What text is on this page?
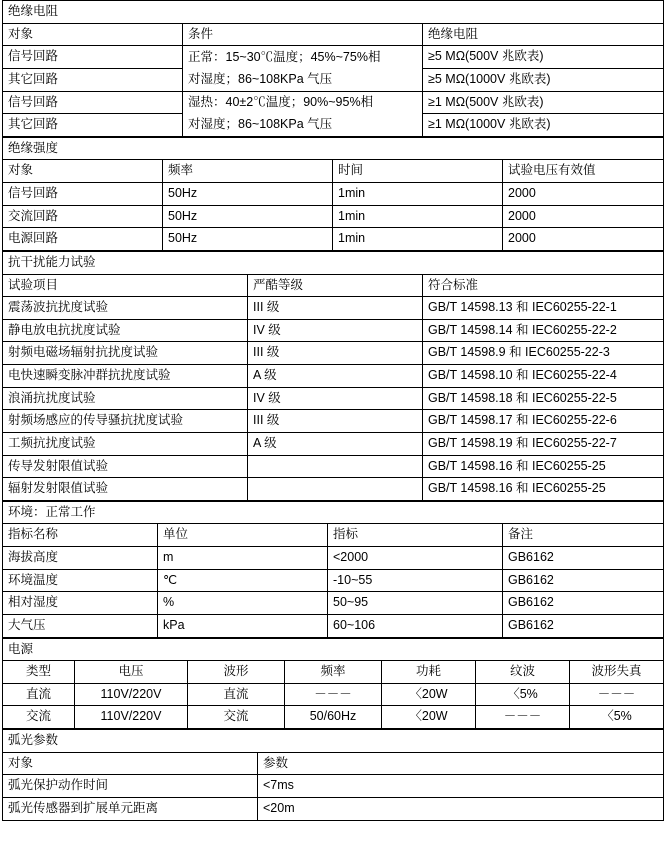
绝缘电阻		
对象	条件	绝缘电阻
信号回路	正常：15~30℃温度；45%~75%相	≥5 MΩ(500V 兆欧表)
其它回路	对湿度；86~108KPa 气压	≥5 MΩ(1000V 兆欧表)
信号回路	湿热：40±2℃温度；90%~95%相	≥1 MΩ(500V 兆欧表)
其它回路	对湿度；86~108KPa 气压	≥1 MΩ(1000V 兆欧表)
绝缘强度			
对象	频率	时间	试验电压有效值
信号回路	50Hz	1min	2000
交流回路	50Hz	1min	2000
电源回路	50Hz	1min	2000
抗干扰能力试验		
试验项目	严酷等级	符合标准
震荡波抗扰度试验	III 级	GB/T 14598.13 和 IEC60255-22-1
静电放电抗扰度试验	IV 级	GB/T 14598.14 和 IEC60255-22-2
射频电磁场辐射抗扰度试验	III 级	GB/T 14598.9 和 IEC60255-22-3
电快速瞬变脉冲群抗扰度试验	A 级	GB/T 14598.10 和 IEC60255-22-4
浪涌抗扰度试验	IV 级	GB/T 14598.18 和 IEC60255-22-5
射频场感应的传导骚抗扰度试验	III 级	GB/T 14598.17 和 IEC60255-22-6
工频抗扰度试验	A 级	GB/T 14598.19 和 IEC60255-22-7
传导发射限值试验		GB/T 14598.16 和 IEC60255-25
辐射发射限值试验		GB/T 14598.16 和 IEC60255-25
环境：正常工作			
指标名称	单位	指标	备注
海拔高度	m	<2000	GB6162
环境温度	℃	-10~55	GB6162
相对湿度	%	50~95	GB6162
大气压	kPa	60~106	GB6162
电源						
类型	电压	波形	频率	功耗	纹波	波形失真
直流	110V/220V	直流	－－－	〈20W	〈5%	－－－
交流	110V/220V	交流	50/60Hz	〈20W	－－－	〈5%
弧光参数	
对象	参数
弧光保护动作时间	<7ms
弧光传感器到扩展单元距离	<20m
